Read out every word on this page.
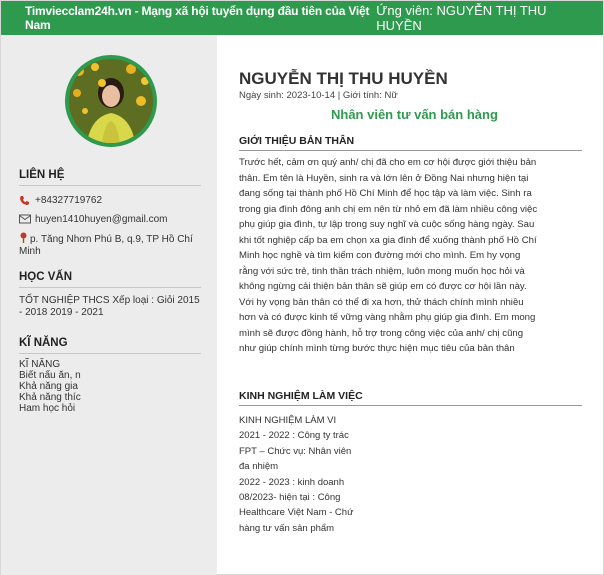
Timviecclam24h.vn - Mạng xã hội tuyển dụng đầu tiên của Việt Nam
Ứng viên: NGUYỄN THỊ THU HUYỀN
LIÊN HỆ
+84327719762
huyen1410huyen@gmail.com
p. Tăng Nhơn Phú B, q.9, TP Hồ Chí Minh
HỌC VẤN
TỐT NGHIỆP THCS Xếp loại : Giỏi 2015 - 2018 2019 - 2021
KĨ NĂNG
KĨ NĂNG
Biết nấu ăn, n
Khả năng gia
Khả năng thíc
Ham học hỏi
NGUYỄN THỊ THU HUYỀN
Ngày sinh: 2023-10-14 | Giới tính: Nữ
Nhân viên tư vấn bán hàng
GIỚI THIỆU BẢN THÂN
Trước hết, cảm ơn quý anh/ chị đã cho em cơ hội được giới thiệu bản thân. Em tên là Huyền, sinh ra và lớn lên ở Đồng Nai nhưng hiện tại đang sống tại thành phố Hồ Chí Minh để học tập và làm việc. Sinh ra trong gia đình đông anh chị em nên từ nhỏ em đã làm nhiều công việc phụ giúp gia đình, tự lập trong suy nghĩ và cuộc sống hàng ngày. Sau khi tốt nghiệp cấp ba em chọn xa gia đình để xuống thành phố Hồ Chí Minh học nghề và tìm kiếm con đường mới cho mình. Em hy vọng rằng với sức trẻ, tinh thần trách nhiệm, luôn mong muốn học hỏi và không ngừng cải thiện bản thân sẽ giúp em có được cơ hội lần này. Với hy vọng bản thân có thể đi xa hơn, thử thách chính mình nhiều hơn và có được kinh tế vững vàng nhằm phụ giúp gia đình. Em mong mình sẽ được đồng hành, hỗ trợ trong công việc của anh/ chị cũng như giúp chính mình từng bước thực hiện mục tiêu của bản thân
KINH NGHIỆM LÀM VIỆC
KINH NGHIỆM LÀM VI
2021 - 2022 : Công ty trác
FPT – Chức vụ: Nhân viên
đa nhiệm
2022 - 2023 : kinh doanh
08/2023- hiện tại : Công
Healthcare Việt Nam - Chứ
hàng tư vấn sản phẩm
